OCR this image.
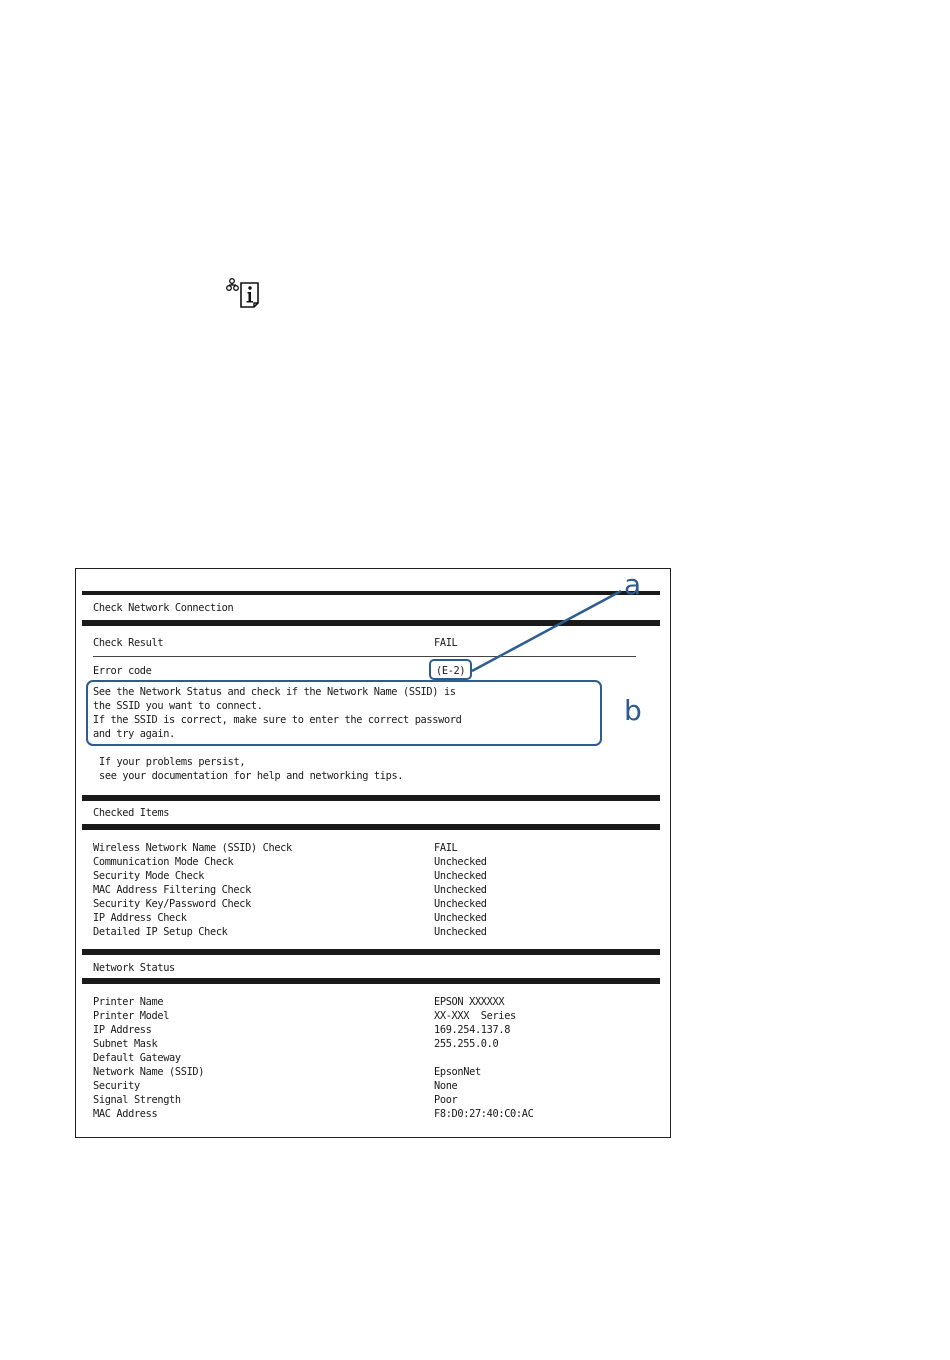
Check Network Connection
Check Result	FAIL
Error code	(E-2)
See the Network Status and check if the Network Name (SSID) is
the SSID you want to connect.
If the SSID is correct, make sure to enter the correct password
and try again.
If your problems persist,
see your documentation for help and networking tips.
Checked Items
Wireless Network Name (SSID) Check	FAIL
Communication Mode Check	Unchecked
Security Mode Check	Unchecked
MAC Address Filtering Check	Unchecked
Security Key/Password Check	Unchecked
IP Address Check	Unchecked
Detailed IP Setup Check	Unchecked
Network Status
Printer Name	EPSON XXXXXX
Printer Model	XX-XXX  Series
IP Address	169.254.137.8
Subnet Mask	255.255.0.0
Default Gateway
Network Name (SSID)	EpsonNet
Security	None
Signal Strength	Poor
MAC Address	F8:D0:27:40:C0:AC
a
b
